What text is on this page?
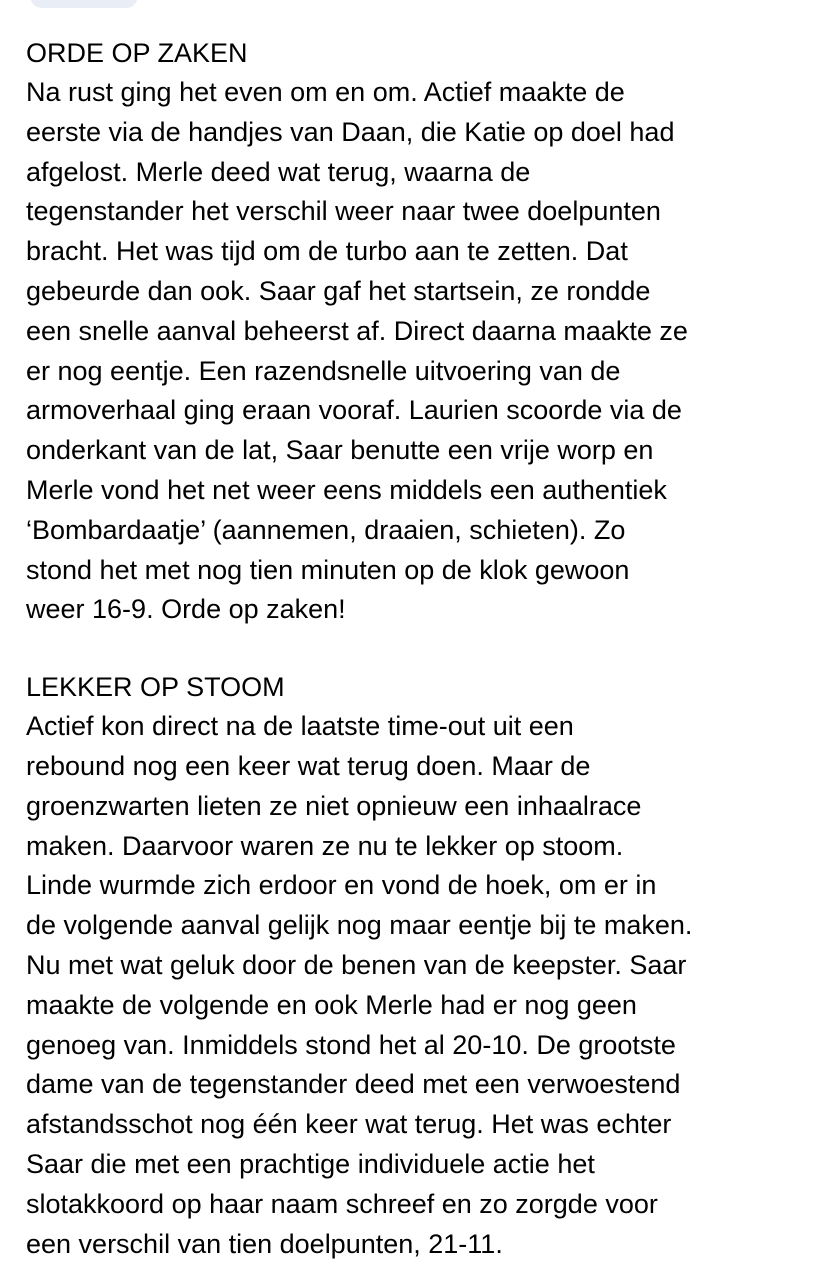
ORDE OP ZAKEN

Na rust ging het even om en om. Actief maakte de
eerste via de handjes van Daan, die Katie op doel had
afgelost. Merle deed wat terug, waarna de
tegenstander het verschil weer naar twee doelpunten
bracht. Het was tijd om de turbo aan te zetten. Dat
gebeurde dan ook. Saar gaf het startsein, ze rondde
een snelle aanval beheerst af. Direct daarna maakte ze
er nog eentje. Een razendsnelle uitvoering van de
armoverhaal ging eraan vooraf. Laurien scoorde via de
onderkant van de lat, Saar benutte een vrije worp en
Merle vond het net weer eens middels een authentiek
‘Bombardaatje’ (aannemen, draaien, schieten). Zo
stond het met nog tien minuten op de klok gewoon
weer 16-9. Orde op zaken!

LEKKER OP STOOM

Actief kon direct na de laatste time-out uit een
rebound nog een keer wat terug doen. Maar de
groenzwarten lieten ze niet opnieuw een inhaalrace
maken. Daarvoor waren ze nu te lekker op stoom.
Linde wurmde zich erdoor en vond de hoek, om er in
de volgende aanval gelijk nog maar eentje bij te maken.
Nu met wat geluk door de benen van de keepster. Saar
maakte de volgende en ook Merle had er nog geen
genoeg van. Inmiddels stond het al 20-10. De grootste
dame van de tegenstander deed met een verwoestend
afstandsschot nog één keer wat terug. Het was echter
Saar die met een prachtige individuele actie het
slotakkoord op haar naam schreef en zo zorgde voor
een verschil van tien doelpunten, 21-11.
